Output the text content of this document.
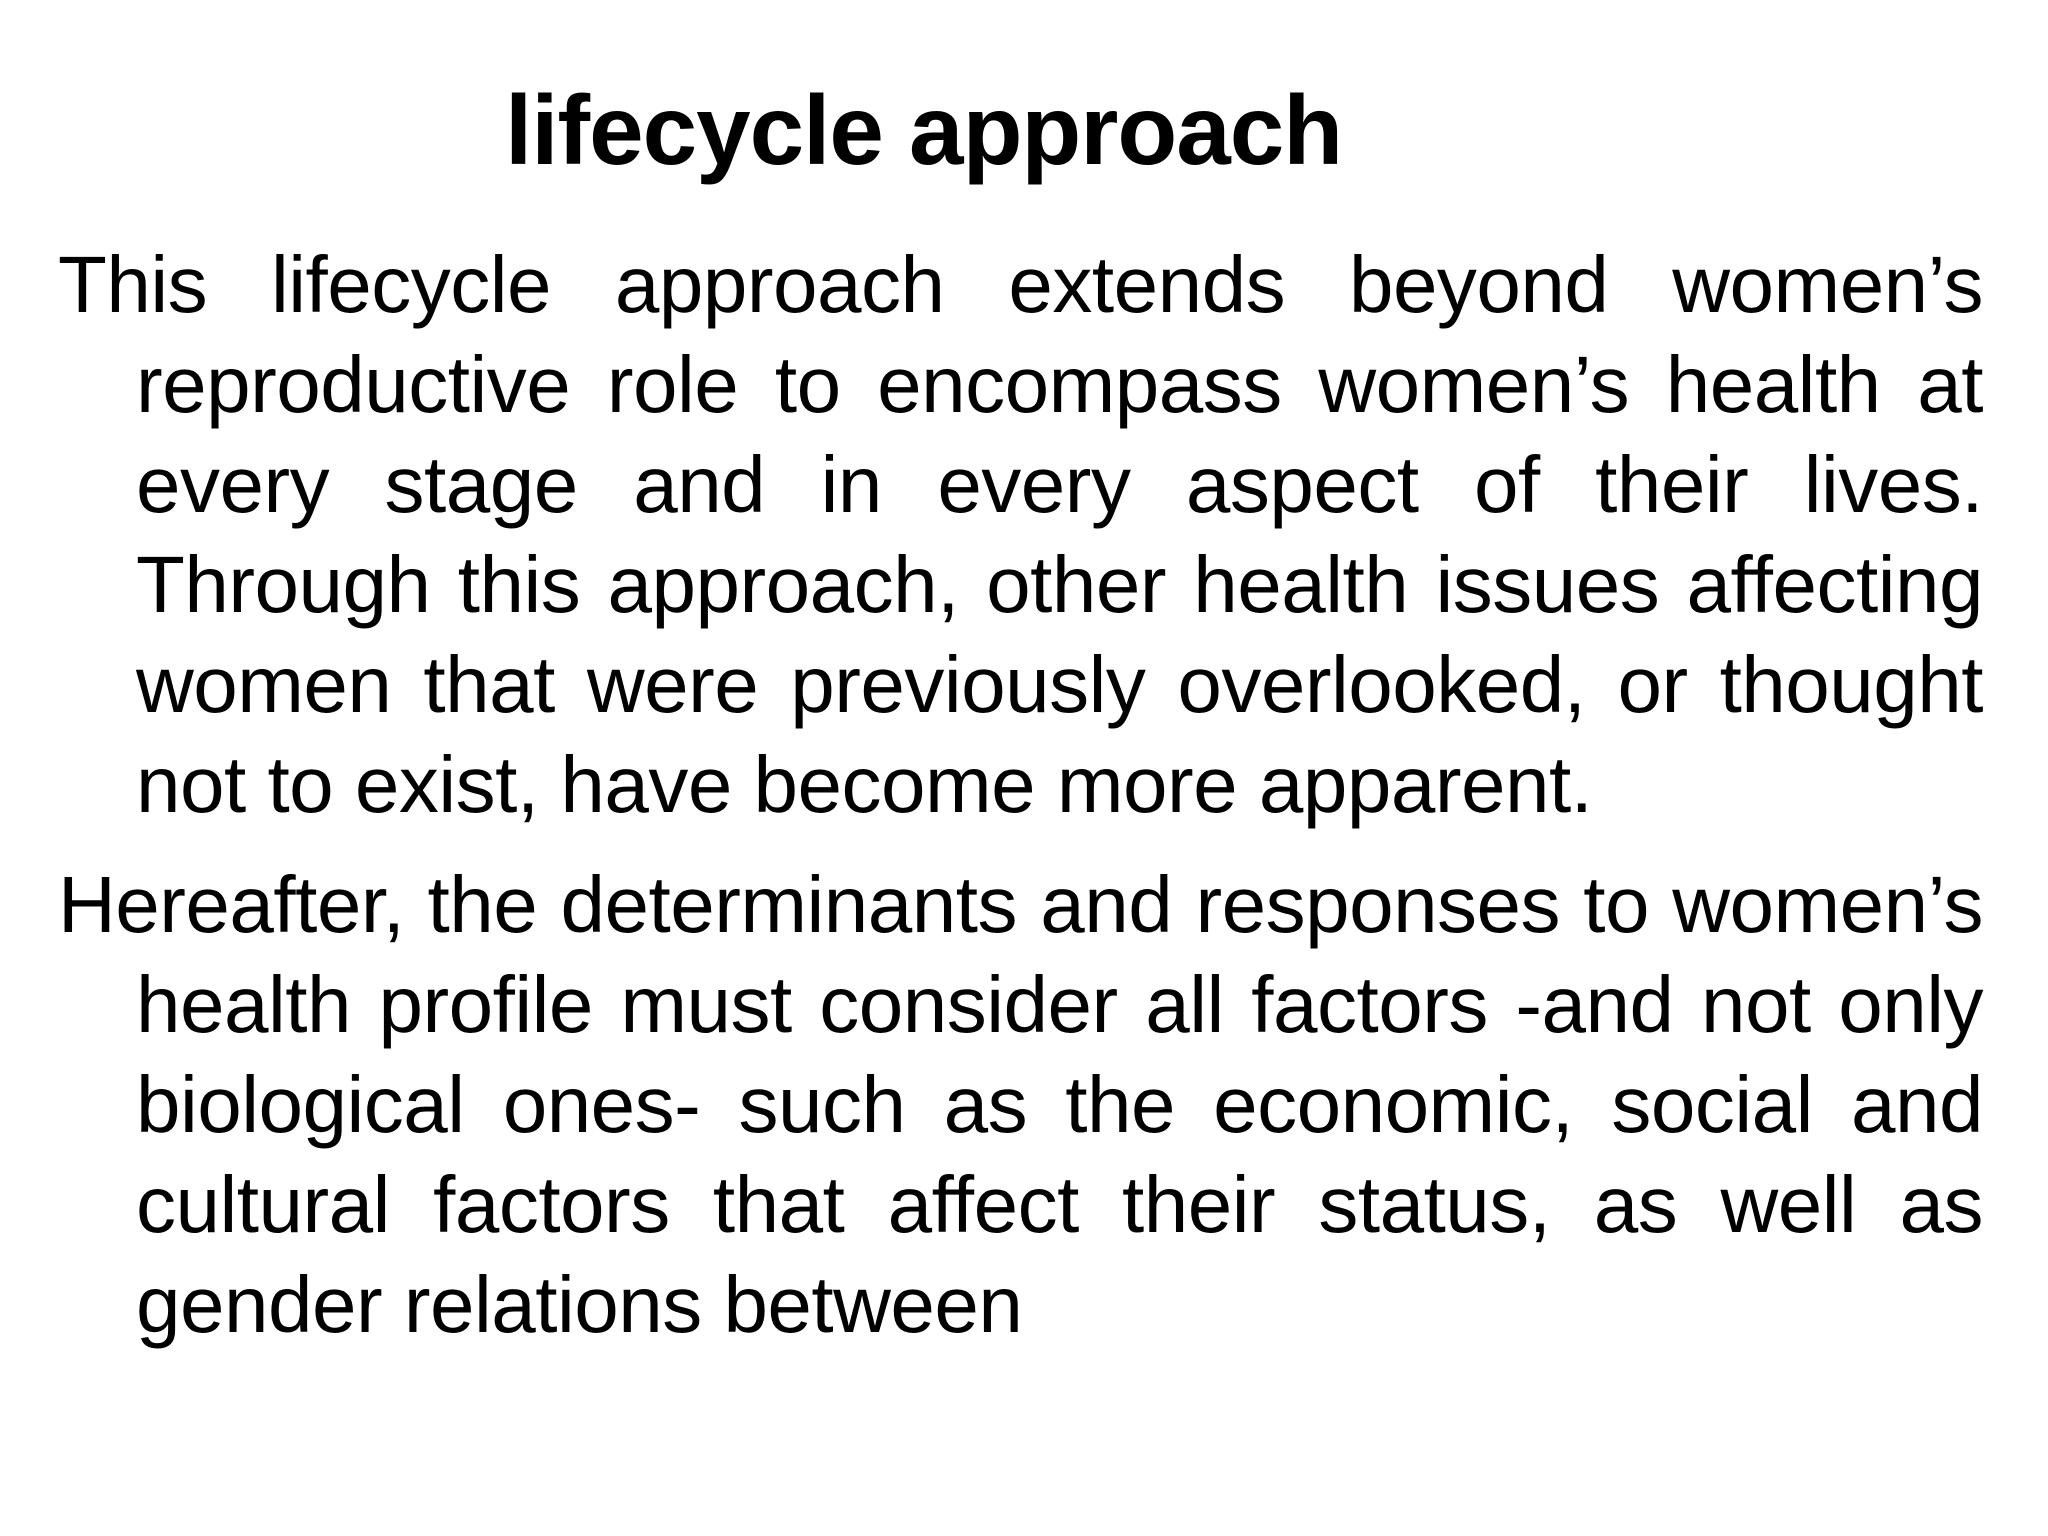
lifecycle approach

This lifecycle approach extends beyond women’s reproductive role to encompass women’s health at every stage and in every aspect of their lives. Through this approach, other health issues affecting women that were previously overlooked, or thought not to exist, have become more apparent.

Hereafter, the determinants and responses to women’s health profile must consider all factors -and not only biological ones- such as the economic, social and cultural factors that affect their status, as well as gender relations between
